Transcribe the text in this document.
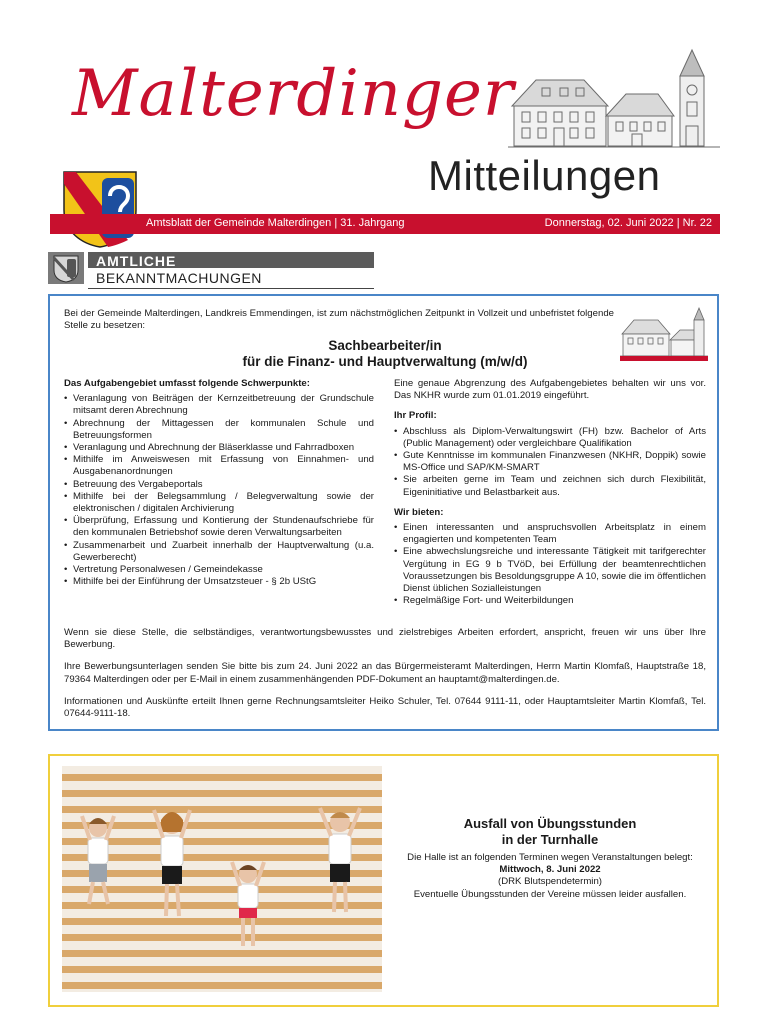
Malterdinger
Mitteilungen
Amtsblatt der Gemeinde Malterdingen | 31. Jahrgang	Donnerstag, 02. Juni 2022 | Nr. 22
AMTLICHE
BEKANNTMACHUNGEN

Bei der Gemeinde Malterdingen, Landkreis Emmendingen, ist zum nächstmöglichen Zeitpunkt in Vollzeit und unbefristet folgende Stelle zu besetzen:

Sachbearbeiter/in
für die Finanz- und Hauptverwaltung (m/w/d)

Das Aufgabengebiet umfasst folgende Schwerpunkte:

• Veranlagung von Beiträgen der Kernzeitbetreuung der Grundschule mitsamt deren Abrechnung
• Abrechnung der Mittagessen der kommunalen Schule und Betreuungsformen
• Veranlagung und Abrechnung der Bläserklasse und Fahrradboxen
• Mithilfe im Anweiswesen mit Erfassung von Einnahmen- und Ausgabenanordnungen
• Betreuung des Vergabeportals
• Mithilfe bei der Belegsammlung / Belegverwaltung sowie der elektronischen / digitalen Archivierung
• Überprüfung, Erfassung und Kontierung der Stundenaufschriebe für den kommunalen Betriebshof sowie deren Verwaltungsarbeiten
• Zusammenarbeit und Zuarbeit innerhalb der Hauptverwaltung (u.a. Gewerberecht)
• Vertretung Personalwesen / Gemeindekasse
• Mithilfe bei der Einführung der Umsatzsteuer - § 2b UStG

Eine genaue Abgrenzung des Aufgabengebietes behalten wir uns vor. Das NKHR wurde zum 01.01.2019 eingeführt.

Ihr Profil:

• Abschluss als Diplom-Verwaltungswirt (FH) bzw. Bachelor of Arts (Public Management) oder vergleichbare Qualifikation
• Gute Kenntnisse im kommunalen Finanzwesen (NKHR, Doppik) sowie MS-Office und SAP/KM-SMART
• Sie arbeiten gerne im Team und zeichnen sich durch Flexibilität, Eigeninitiative und Belastbarkeit aus.

Wir bieten:

• Einen interessanten und anspruchsvollen Arbeitsplatz in einem engagierten und kompetenten Team
• Eine abwechslungsreiche und interessante Tätigkeit mit tarifgerechter Vergütung in EG 9 b TVöD, bei Erfüllung der beamtenrechtlichen Voraussetzungen bis Besoldungsgruppe A 10, sowie die im öffentlichen Dienst üblichen Sozialleistungen
• Regelmäßige Fort- und Weiterbildungen

Wenn sie diese Stelle, die selbständiges, verantwortungsbewusstes und zielstrebiges Arbeiten erfordert, anspricht, freuen wir uns über Ihre Bewerbung.

Ihre Bewerbungsunterlagen senden Sie bitte bis zum 24. Juni 2022 an das Bürgermeisteramt Malterdingen, Herrn Martin Klomfaß, Hauptstraße 18, 79364 Malterdingen oder per E-Mail in einem zusammenhängenden PDF-Dokument an hauptamt@malterdingen.de.

Informationen und Auskünfte erteilt Ihnen gerne Rechnungsamtsleiter Heiko Schuler, Tel. 07644 9111-11, oder Hauptamtsleiter Martin Klomfaß, Tel. 07644-9111-18.

Ausfall von Übungsstunden
in der Turnhalle

Die Halle ist an folgenden Terminen wegen Veranstaltungen belegt:

Mittwoch, 8. Juni 2022

(DRK Blutspendetermin)

Eventuelle Übungsstunden der Vereine müssen leider ausfallen.
